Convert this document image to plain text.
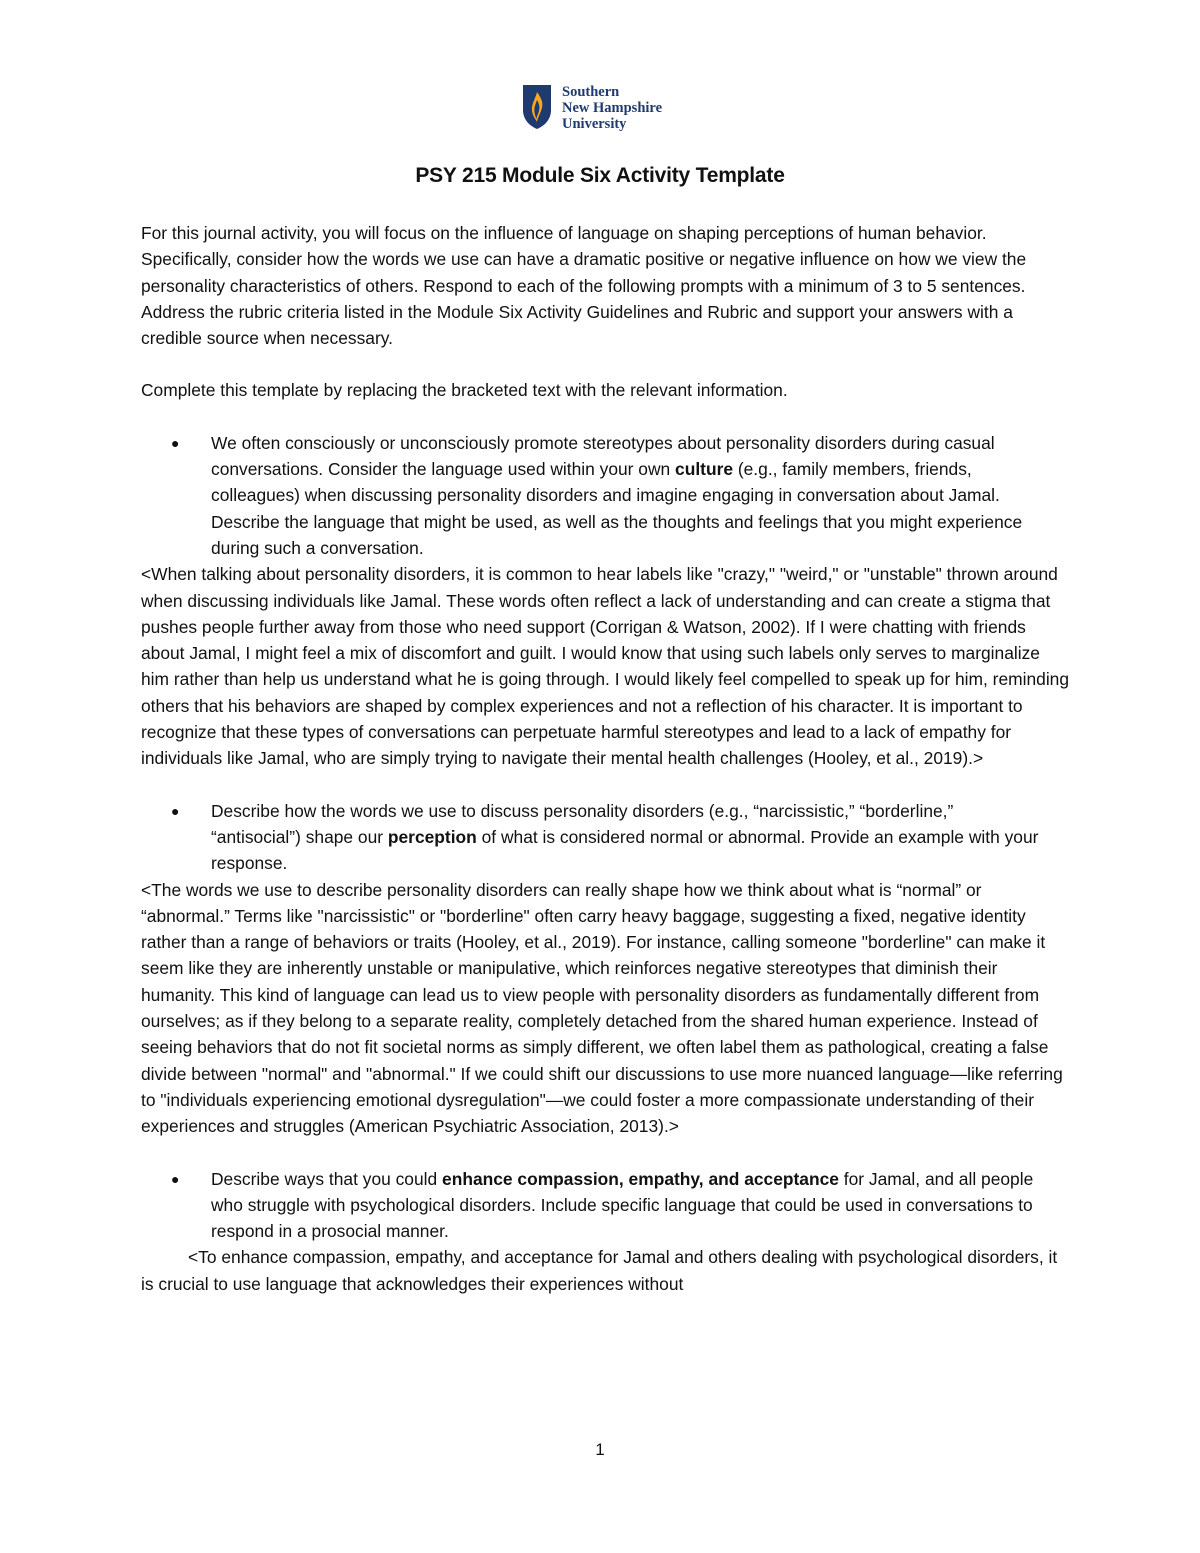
Southern
New Hampshire
University
PSY 215 Module Six Activity Template

For this journal activity, you will focus on the influence of language on shaping perceptions of human behavior. Specifically, consider how the words we use can have a dramatic positive or negative influence on how we view the personality characteristics of others. Respond to each of the following prompts with a minimum of 3 to 5 sentences. Address the rubric criteria listed in the Module Six Activity Guidelines and Rubric and support your answers with a credible source when necessary.

Complete this template by replacing the bracketed text with the relevant information.

●	We often consciously or unconsciously promote stereotypes about personality disorders during casual conversations. Consider the language used within your own culture (e.g., family members, friends, colleagues) when discussing personality disorders and imagine engaging in conversation about Jamal. Describe the language that might be used, as well as the thoughts and feelings that you might experience during such a conversation.

<When talking about personality disorders, it is common to hear labels like "crazy," "weird," or "unstable" thrown around when discussing individuals like Jamal. These words often reflect a lack of understanding and can create a stigma that pushes people further away from those who need support (Corrigan & Watson, 2002). If I were chatting with friends about Jamal, I might feel a mix of discomfort and guilt. I would know that using such labels only serves to marginalize him rather than help us understand what he is going through. I would likely feel compelled to speak up for him, reminding others that his behaviors are shaped by complex experiences and not a reflection of his character. It is important to recognize that these types of conversations can perpetuate harmful stereotypes and lead to a lack of empathy for individuals like Jamal, who are simply trying to navigate their mental health challenges (Hooley, et al., 2019).>

●	Describe how the words we use to discuss personality disorders (e.g., “narcissistic,” “borderline,” “antisocial”) shape our perception of what is considered normal or abnormal. Provide an example with your response.

<The words we use to describe personality disorders can really shape how we think about what is “normal” or “abnormal.” Terms like "narcissistic" or "borderline" often carry heavy baggage, suggesting a fixed, negative identity rather than a range of behaviors or traits (Hooley, et al., 2019). For instance, calling someone "borderline" can make it seem like they are inherently unstable or manipulative, which reinforces negative stereotypes that diminish their humanity. This kind of language can lead us to view people with personality disorders as fundamentally different from ourselves; as if they belong to a separate reality, completely detached from the shared human experience. Instead of seeing behaviors that do not fit societal norms as simply different, we often label them as pathological, creating a false divide between "normal" and "abnormal." If we could shift our discussions to use more nuanced language—like referring to "individuals experiencing emotional dysregulation"—we could foster a more compassionate understanding of their experiences and struggles (American Psychiatric Association, 2013).>

●	Describe ways that you could enhance compassion, empathy, and acceptance for Jamal, and all people who struggle with psychological disorders. Include specific language that could be used in conversations to respond in a prosocial manner.

<To enhance compassion, empathy, and acceptance for Jamal and others dealing with psychological disorders, it is crucial to use language that acknowledges their experiences without

1
